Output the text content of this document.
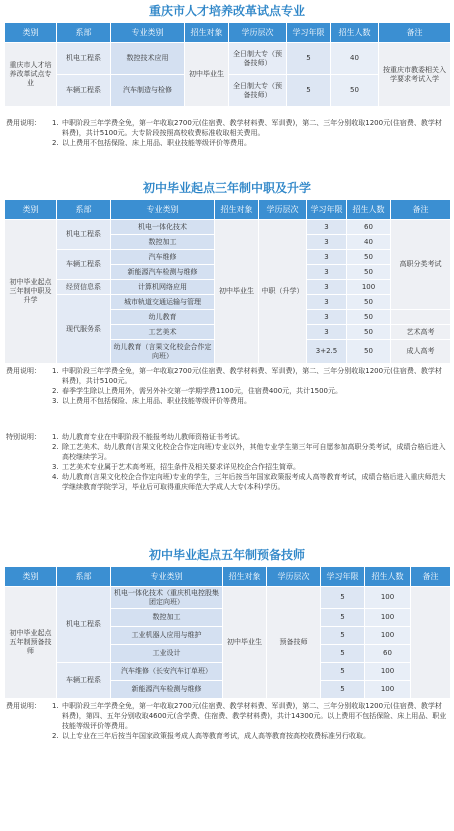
重庆市人才培养改革试点专业
类别	系部	专业类别	招生对象	学历层次	学习年限	招生人数	备注
重庆市人才培养改革试点专业	机电工程系	数控技术应用	初中毕业生	全日制大专（预备技师）	5	40	按重庆市教委相关入学要求考试入学
	车辆工程系	汽车制造与检修		全日制大专（预备技师）	5	50	
费用说明：	1. 中职阶段三年学费全免，第一年收取2700元(住宿费、教学材料费、军训费)，第二、三年分别收取1200元(住宿费、教学材料费)，共计5100元。大专阶段按照高校收费标准收取相关费用。
2. 以上费用不包括保险、床上用品、职业技能等级评价等费用。
初中毕业起点三年制中职及升学
类别	系部	专业类别	招生对象	学历层次	学习年限	招生人数	备注
初中毕业起点三年制中职及升学	机电工程系	机电一体化技术	初中毕业生	中职（升学）	3	60	高职分类考试
		数控加工			3	40	
	车辆工程系	汽车维修			3	50	
		新能源汽车检测与维修			3	50	
	经贸信息系	计算机网络应用			3	100	
	现代服务系	城市轨道交通运输与管理			3	50	
		幼儿教育			3	50	
		工艺美术			3	50	艺术高考
		幼儿教育（言果文化校企合作定向班）			3+2.5	50	成人高考
费用说明：	1. 中职阶段三年学费全免，第一年收取2700元(住宿费、教学材料费、军训费)，第二、三年分别收取1200元(住宿费、教学材料费)，共计5100元。
2. 春季学生除以上费用外，需另外补交第一学期学费1100元，住宿费400元，共计1500元。
3. 以上费用不包括保险、床上用品、职业技能等级评价等费用。
特别说明：	1. 幼儿教育专业在中职阶段不能报考幼儿教师资格证书考试。
2. 除工艺美术、幼儿教育(言果文化校企合作定向班)专业以外，其他专业学生第三年可自愿参加高职分类考试，成绩合格后进入高校继续学习。
3. 工艺美术专业属于艺术高考班，招生条件及相关要求详见校企合作招生简章。
4. 幼儿教育(言果文化校企合作定向班)专业的学生，三年后按当年国家政策报考成人高等教育考试，成绩合格后进入重庆师范大学继续教育学院学习，毕业后可取得重庆师范大学成人大专(本科)学历。
初中毕业起点五年制预备技师
类别	系部	专业类别	招生对象	学历层次	学习年限	招生人数	备注
初中毕业起点五年制预备技师	机电工程系	机电一体化技术（重庆机电控股集团定向班）	初中毕业生	预备技师	5	100	
		数控加工			5	100	
		工业机器人应用与维护			5	100	
		工业设计			5	60	
	车辆工程系	汽车维修（长安汽车订单班）			5	100	
		新能源汽车检测与维修			5	100	
费用说明：	1. 中职阶段三年学费全免，第一年收取2700元(住宿费、教学材料费、军训费)，第二、三年分别收取1200元(住宿费、教学材料费)，第四、五年分别收取4600元(含学费、住宿费、教学材料费)，共计14300元。以上费用不包括保险、床上用品、职业技能等级评价等费用。
2. 以上专业在三年后按当年国家政策报考成人高等教育考试，成人高等教育按高校收费标准另行收取。
